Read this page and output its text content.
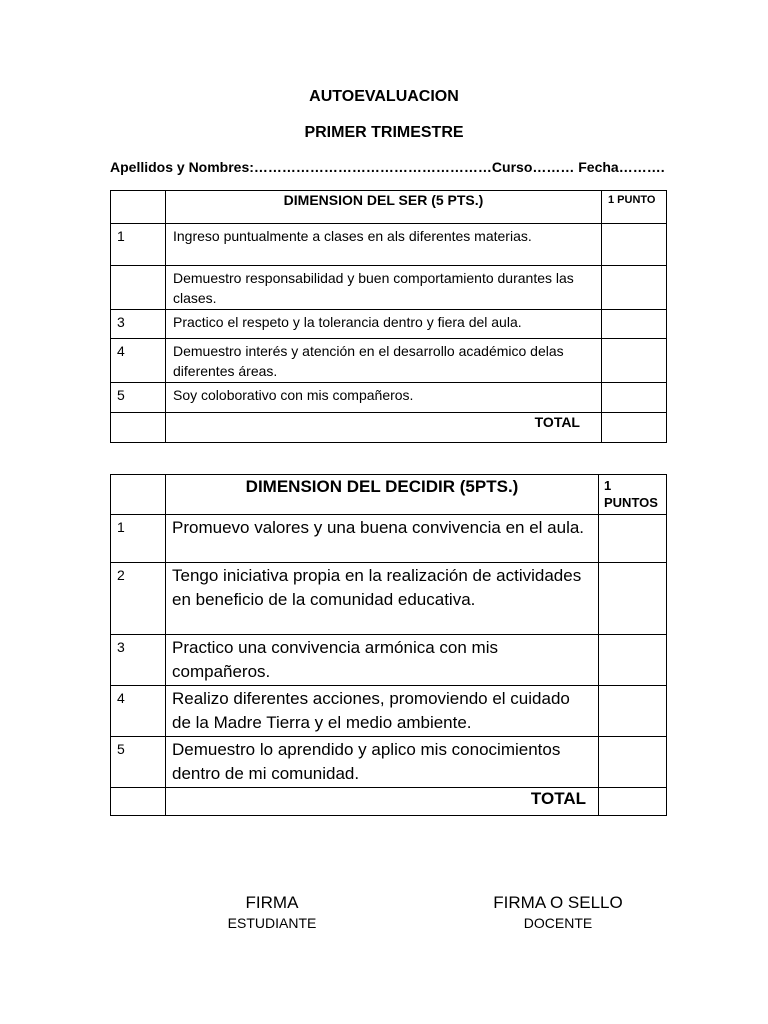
AUTOEVALUACION
PRIMER TRIMESTRE
Apellidos y Nombres:……………………………………………Curso……… Fecha……….
	DIMENSION DEL SER (5 PTS.)	1 PUNTO
1	Ingreso puntualmente a clases en als diferentes materias.	
	Demuestro responsabilidad y buen comportamiento durantes las clases.	
3	Practico el respeto y la tolerancia dentro y fiera del aula.	
4	Demuestro interés y atención en el desarrollo académico delas diferentes áreas.	
5	Soy coloborativo con mis compañeros.	
	TOTAL	
	DIMENSION DEL DECIDIR (5PTS.)	1 PUNTOS
1	Promuevo valores y una buena convivencia en el aula.	
2	Tengo iniciativa propia en la realización de actividades en beneficio de la comunidad educativa.	
3	Practico una convivencia armónica con mis compañeros.	
4	Realizo diferentes acciones, promoviendo el cuidado de la Madre Tierra y el medio ambiente.	
5	Demuestro lo aprendido y aplico mis conocimientos dentro de mi comunidad.	
	TOTAL	
FIRMA
ESTUDIANTE
FIRMA O SELLO
DOCENTE
